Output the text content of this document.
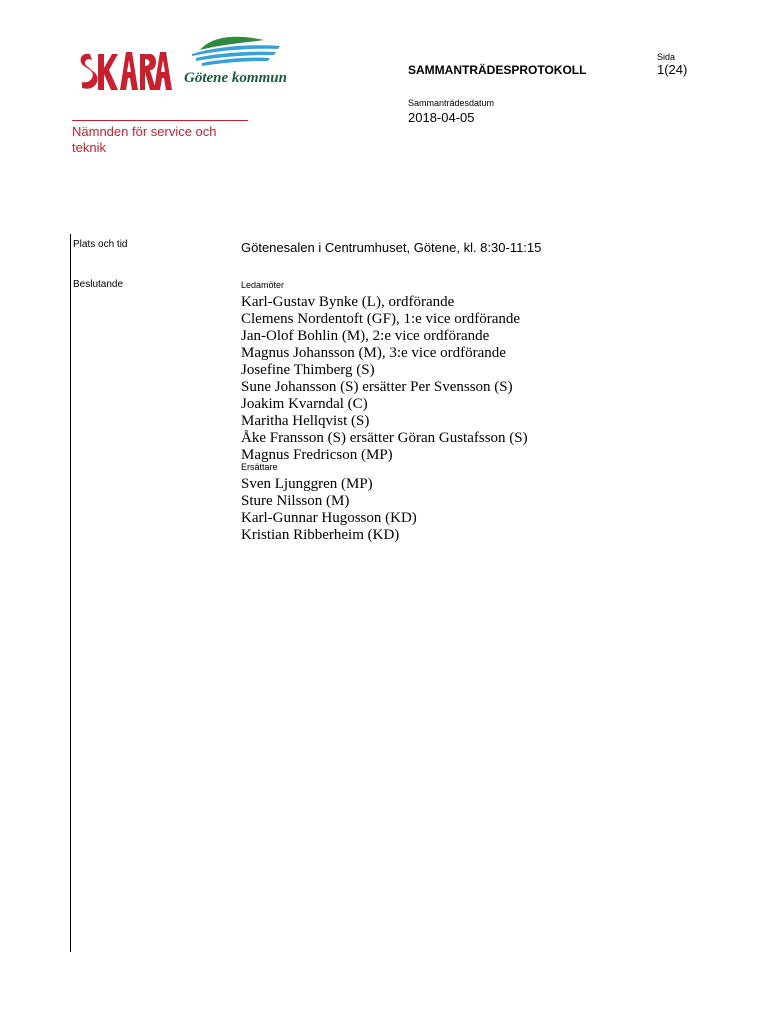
Götene kommun
Sida
1(24)
SAMMANTRÄDESPROTOKOLL
Sammanträdesdatum
2018-04-05
Nämnden för service och teknik
Plats och tid	Götenesalen i Centrumhuset, Götene, kl. 8:30-11:15
Beslutande	Ledamöter
Karl-Gustav Bynke (L), ordförande
Clemens Nordentoft (GF), 1:e vice ordförande
Jan-Olof Bohlin (M), 2:e vice ordförande
Magnus Johansson (M), 3:e vice ordförande
Josefine Thimberg (S)
Sune Johansson (S) ersätter Per Svensson (S)
Joakim Kvarndal (C)
Maritha Hellqvist (S)
Åke Fransson (S) ersätter Göran Gustafsson (S)
Magnus Fredricson (MP)
Ersättare
Sven Ljunggren (MP)
Sture Nilsson (M)
Karl-Gunnar Hugosson (KD)
Kristian Ribberheim (KD)
